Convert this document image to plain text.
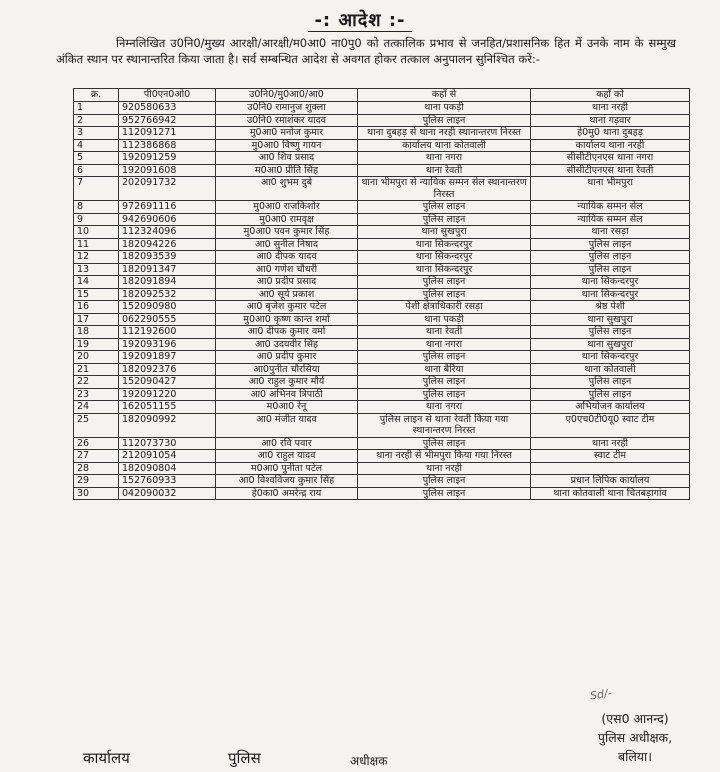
-: आदेश :-
निम्नलिखित उ0नि0/मुख्य आरक्षी/आरक्षी/म0आ0 ना0पु0 को तत्कालिक प्रभाव से जनहित/प्रशासनिक हित में उनके नाम के सम्मुख अंकित स्थान पर स्थानान्तरित किया जाता है। सर्व सम्बन्धित आदेश से अवगत होकर तत्काल अनुपालन सुनिश्चित करें:-
क्र.	पी0एन0ओ0	उ0नि0/मु0आ0/आ0	कहाँ से	कहाँ को
1	920580633	उ0नि0 रामानुज शुक्ला	थाना पकड़ी	थाना नरही
2	952766942	उ0नि0 रमाशंकर यादव	पुलिस लाइन	थाना गड़वार
3	112091271	मु0आ0 मनोज कुमार	थाना दुबहड़ से थाना नरही स्थानान्तरण निरस्त	हे0मु0 थाना दुबहड़
4	112386868	मु0आ0 विष्णु गायन	कार्यालय थाना कोतवाली	कार्यालय थाना नरही
5	192091259	आ0 शिव प्रसाद	थाना नगरा	सीसीटीएनएस थाना नगरा
6	192091608	म0आ0 प्रीति सिंह	थाना रेवती	सीसीटीएनएस थाना रेवती
7	202091732	आ0 शुभम दुबे	थाना भीमपुरा से न्यायिक सम्मन सेल स्थानान्तरण निरस्त	थाना भीमपुरा
8	972691116	मु0आ0 राजकिशोर	पुलिस लाइन	न्यायिक सम्मन सेल
9	942690606	मु0आ0 रामवृक्ष	पुलिस लाइन	न्यायिक सम्मन सेल
10	112324096	मु0आ0 पवन कुमार सिंह	थाना सुखपुरा	थाना रसड़ा
11	182094226	आ0 सुनील निषाद	थाना सिकन्दरपुर	पुलिस लाइन
12	182093539	आ0 दीपक यादव	थाना सिकन्दरपुर	पुलिस लाइन
13	182091347	आ0 गणेश चौधरी	थाना सिकन्दरपुर	पुलिस लाइन
14	182091894	आ0 प्रदीप प्रसाद	पुलिस लाइन	थाना सिकन्दरपुर
15	182092532	आ0 सूर्य प्रकाश	पुलिस लाइन	थाना सिकन्दरपुर
16	152090980	आ0 बृजेश कुमार पटेल	पेशी क्षेत्राधिकारी रसड़ा	श्रेष्ठ पेशी
17	062290555	मु0आ0 कृष्ण कान्त शर्मा	थाना पकड़ी	थाना सुखपुरा
18	112192600	आ0 दीपक कुमार वर्मा	थाना रेवती	पुलिस लाइन
19	192093196	आ0 उदयवीर सिंह	थाना नगरा	थाना सुखपुरा
20	192091897	आ0 प्रदीप कुमार	पुलिस लाइन	थाना सिकन्दरपुर
21	182092376	आ0पुनीत चौरसिया	थाना बैरिया	थाना कोतवाली
22	152090427	आ0 राहुल कुमार मौर्य	पुलिस लाइन	पुलिस लाइन
23	192091220	आ0 अभिनव त्रिपाठी	पुलिस लाइन	पुलिस लाइन
24	162051155	म0आ0 रेनू	थाना नगरा	अभियोजन कार्यालय
25	182090992	आ0 मंजीत यादव	पुलिस लाइन से थाना रेवती किया गया स्थानान्तरण निरस्त	ए0एच0टी0यू0 स्वाट टीम
26	112073730	आ0 रवि पवार	पुलिस लाइन	थाना नरही
27	212091054	आ0 राहुल यादव	थाना नरही से भीमपुरा किया गया निरस्त	स्वाट टीम
28	182090804	म0आ0 पुनीता पटेल	थाना नरही	
29	152760933	आ0 विश्वविजय कुमार सिंह	पुलिस लाइन	प्रधान लिपिक कार्यालय
30	042090032	हे0का0 अमरेन्द्र राय	पुलिस लाइन	थाना कोतवाली थाना चितबड़ागांव
Sd/-
(एस0 आनन्द)
पुलिस अधीक्षक,
बलिया।
कार्यालय	पुलिस	अधीक्षक
